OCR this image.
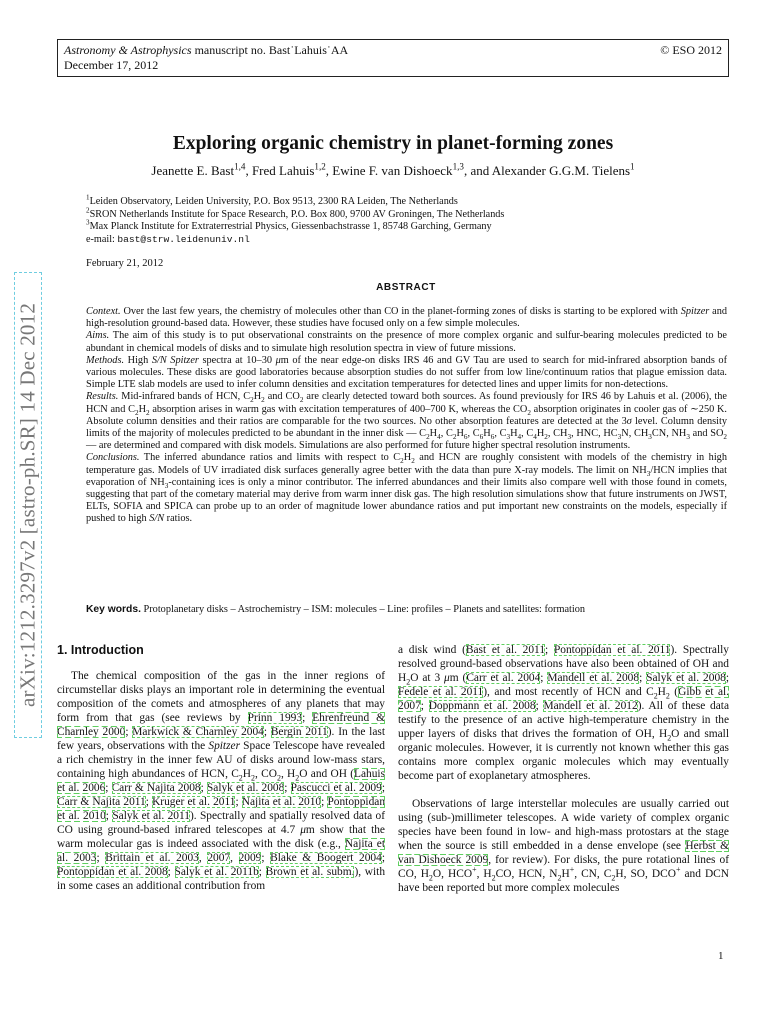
arXiv:1212.3297v2 [astro-ph.SR] 14 Dec 2012
Astronomy & Astrophysics manuscript no. Bast˙Lahuis˙AA
December 17, 2012
© ESO 2012
Exploring organic chemistry in planet-forming zones
Jeanette E. Bast$^{1,4}$, Fred Lahuis$^{1,2}$, Ewine F. van Dishoeck$^{1,3}$, and Alexander G.G.M. Tielens$^1$
$^1$Leiden Observatory, Leiden University, P.O. Box 9513, 2300 RA Leiden, The Netherlands
$^2$SRON Netherlands Institute for Space Research, P.O. Box 800, 9700 AV Groningen, The Netherlands
$^3$Max Planck Institute for Extraterrestrial Physics, Giessenbachstrasse 1, 85748 Garching, Germany
e-mail: bast@strw.leidenuniv.nl
February 21, 2012
ABSTRACT

Context. Over the last few years, the chemistry of molecules other than CO in the planet-forming zones of disks is starting to be explored with Spitzer and high-resolution ground-based data. However, these studies have focused only on a few simple molecules.

Aims. The aim of this study is to put observational constraints on the presence of more complex organic and sulfur-bearing molecules predicted to be abundant in chemical models of disks and to simulate high resolution spectra in view of future missions.

Methods. High S/N Spitzer spectra at 10–30 μm of the near edge-on disks IRS 46 and GV Tau are used to search for mid-infrared absorption bands of various molecules. These disks are good laboratories because absorption studies do not suffer from low line/continuum ratios that plague emission data. Simple LTE slab models are used to infer column densities and excitation temperatures for detected lines and upper limits for non-detections.

Results. Mid-infrared bands of HCN, $C_2H_2$ and $CO_2$ are clearly detected toward both sources. As found previously for IRS 46 by Lahuis et al. (2006), the HCN and $C_2H_2$ absorption arises in warm gas with excitation temperatures of 400–700 K, whereas the $CO_2$ absorption originates in cooler gas of ∼250 K. Absolute column densities and their ratios are comparable for the two sources. No other absorption features are detected at the 3σ level. Column density limits of the majority of molecules predicted to be abundant in the inner disk — $C_2H_4$, $C_2H_6$, $C_6H_6$, $C_3H_4$, $C_4H_2$, $CH_3$, HNC, $HC_3N$, $CH_3CN$, $NH_3$ and $SO_2—$ are determined and compared with disk models. Simulations are also performed for future higher spectral resolution instruments.

Conclusions. The inferred abundance ratios and limits with respect to $C_2H_2$ and HCN are roughly consistent with models of the chemistry in high temperature gas. Models of UV irradiated disk surfaces generally agree better with the data than pure X-ray models. The limit on $NH_3$/HCN implies that evaporation of $NH_3$-containing ices is only a minor contributor. The inferred abundances and their limits also compare well with those found in comets, suggesting that part of the cometary material may derive from warm inner disk gas. The high resolution simulations show that future instruments on JWST, ELTs, SOFIA and SPICA can probe up to an order of magnitude lower abundance ratios and put important new constraints on the models, especially if pushed to high S/N ratios.

Key words. Protoplanetary disks – Astrochemistry – ISM: molecules – Line: profiles – Planets and satellites: formation
1. Introduction

The chemical composition of the gas in the inner regions of circumstellar disks plays an important role in determining the eventual composition of the comets and atmospheres of any planets that may form from that gas (see reviews by Prinn 1993; Ehrenfreund & Charnley 2000; Markwick & Charnley 2004; Bergin 2011). In the last few years, observations with the Spitzer Space Telescope have revealed a rich chemistry in the inner few AU of disks around low-mass stars, containing high abundances of HCN, $C_2H_2$, $CO_2$, $H_2O$ and OH (Lahuis et al. 2006; Carr & Najita 2008; Salyk et al. 2008; Pascucci et al. 2009; Carr & Najita 2011; Kruger et al. 2011; Najita et al. 2010; Pontoppidan et al. 2010; Salyk et al. 2011). Spectrally and spatially resolved data of CO using ground-based infrared telescopes at 4.7 μm show that the warm molecular gas is indeed associated with the disk (e.g., Najita et al. 2003; Brittain et al. 2003, 2007, 2009; Blake & Boogert 2004; Pontoppidan et al. 2008; Salyk et al. 2011b; Brown et al. subm.), with in some cases an additional contribution from

a disk wind (Bast et al. 2011; Pontoppidan et al. 2011). Spectrally resolved ground-based observations have also been obtained of OH and $H_2O$ at 3 μm (Carr et al. 2004; Mandell et al. 2008; Salyk et al. 2008; Fedele et al. 2011), and most recently of HCN and $C_2H_2$ (Gibb et al. 2007; Doppmann et al. 2008; Mandell et al. 2012). All of these data testify to the presence of an active high-temperature chemistry in the upper layers of disks that drives the formation of OH, $H_2O$ and small organic molecules. However, it is currently not known whether this gas contains more complex organic molecules which may eventually become part of exoplanetary atmospheres.

Observations of large interstellar molecules are usually carried out using (sub-)millimeter telescopes. A wide variety of complex organic species have been found in low- and high-mass protostars at the stage when the source is still embedded in a dense envelope (see Herbst & van Dishoeck 2009, for review). For disks, the pure rotational lines of CO, $H_2O$, HCO+, $H_2CO$, HCN, $N_2H^+$, CN, $C_2H$, SO, DCO+ and DCN have been reported but more complex molecules

1
